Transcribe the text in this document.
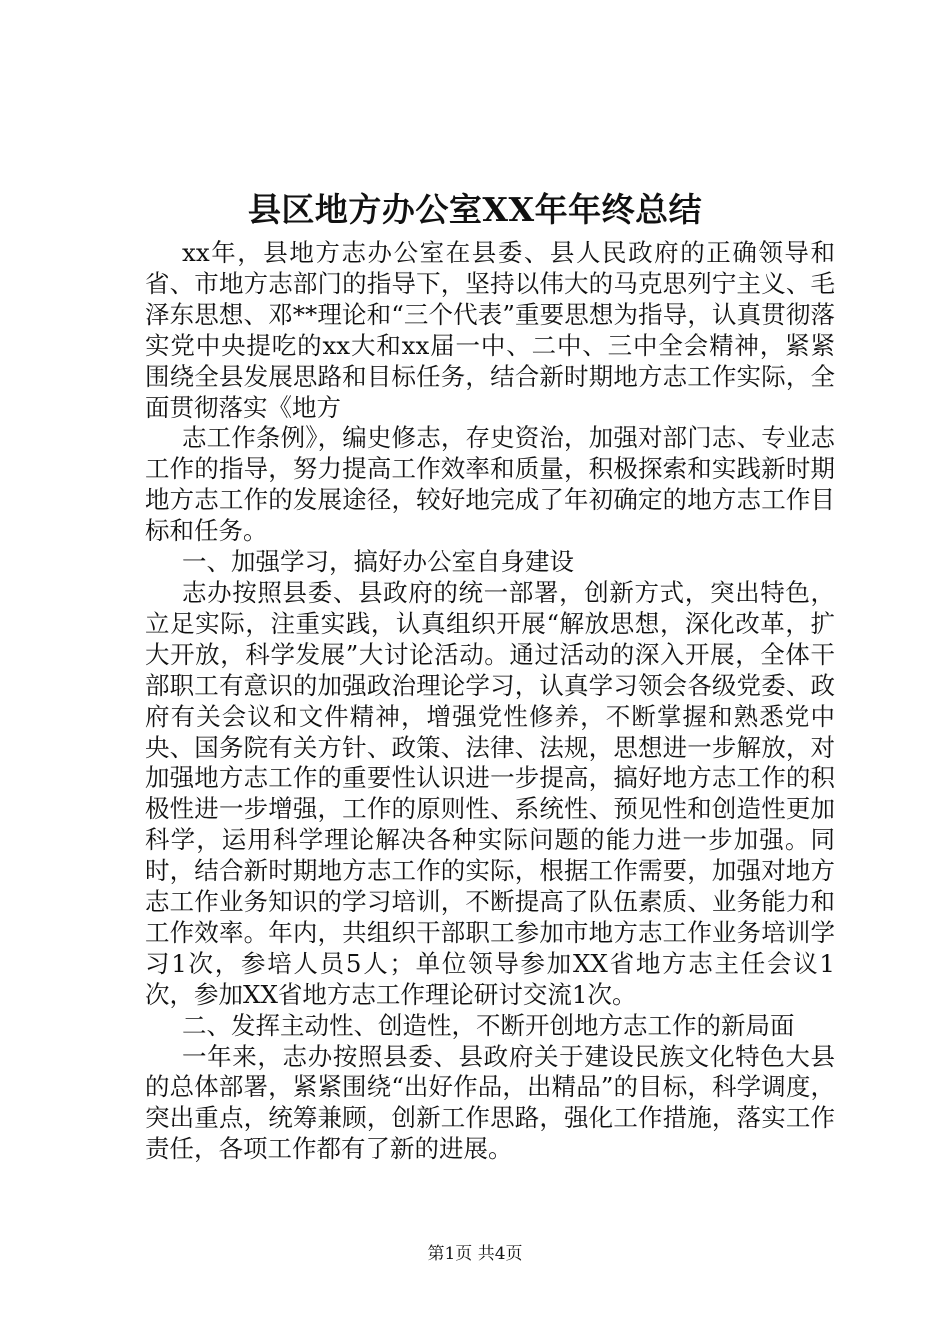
县区地方办公室XX年年终总结

xx年，县地方志办公室在县委、县人民政府的正确领导和省、市地方志部门的指导下，坚持以伟大的马克思列宁主义、毛泽东思想、邓**理论和“三个代表”重要思想为指导，认真贯彻落实党中央提吃的xx大和xx届一中、二中、三中全会精神，紧紧围绕全县发展思路和目标任务，结合新时期地方志工作实际，全面贯彻落实《地方

志工作条例》，编史修志，存史资治，加强对部门志、专业志工作的指导，努力提高工作效率和质量，积极探索和实践新时期地方志工作的发展途径，较好地完成了年初确定的地方志工作目标和任务。

一、加强学习，搞好办公室自身建设

志办按照县委、县政府的统一部署，创新方式，突出特色，立足实际，注重实践，认真组织开展“解放思想，深化改革，扩大开放，科学发展”大讨论活动。通过活动的深入开展，全体干部职工有意识的加强政治理论学习，认真学习领会各级党委、政府有关会议和文件精神，增强党性修养，不断掌握和熟悉党中央、国务院有关方针、政策、法律、法规，思想进一步解放，对加强地方志工作的重要性认识进一步提高，搞好地方志工作的积极性进一步增强，工作的原则性、系统性、预见性和创造性更加科学，运用科学理论解决各种实际问题的能力进一步加强。同时，结合新时期地方志工作的实际，根据工作需要，加强对地方志工作业务知识的学习培训，不断提高了队伍素质、业务能力和工作效率。年内，共组织干部职工参加市地方志工作业务培训学习1次，参培人员5人；单位领导参加XX省地方志主任会议1次，参加XX省地方志工作理论研讨交流1次。

二、发挥主动性、创造性，不断开创地方志工作的新局面

一年来，志办按照县委、县政府关于建设民族文化特色大县的总体部署，紧紧围绕“出好作品，出精品”的目标，科学调度，突出重点，统筹兼顾，创新工作思路，强化工作措施，落实工作责任，各项工作都有了新的进展。

第1页 共4页
